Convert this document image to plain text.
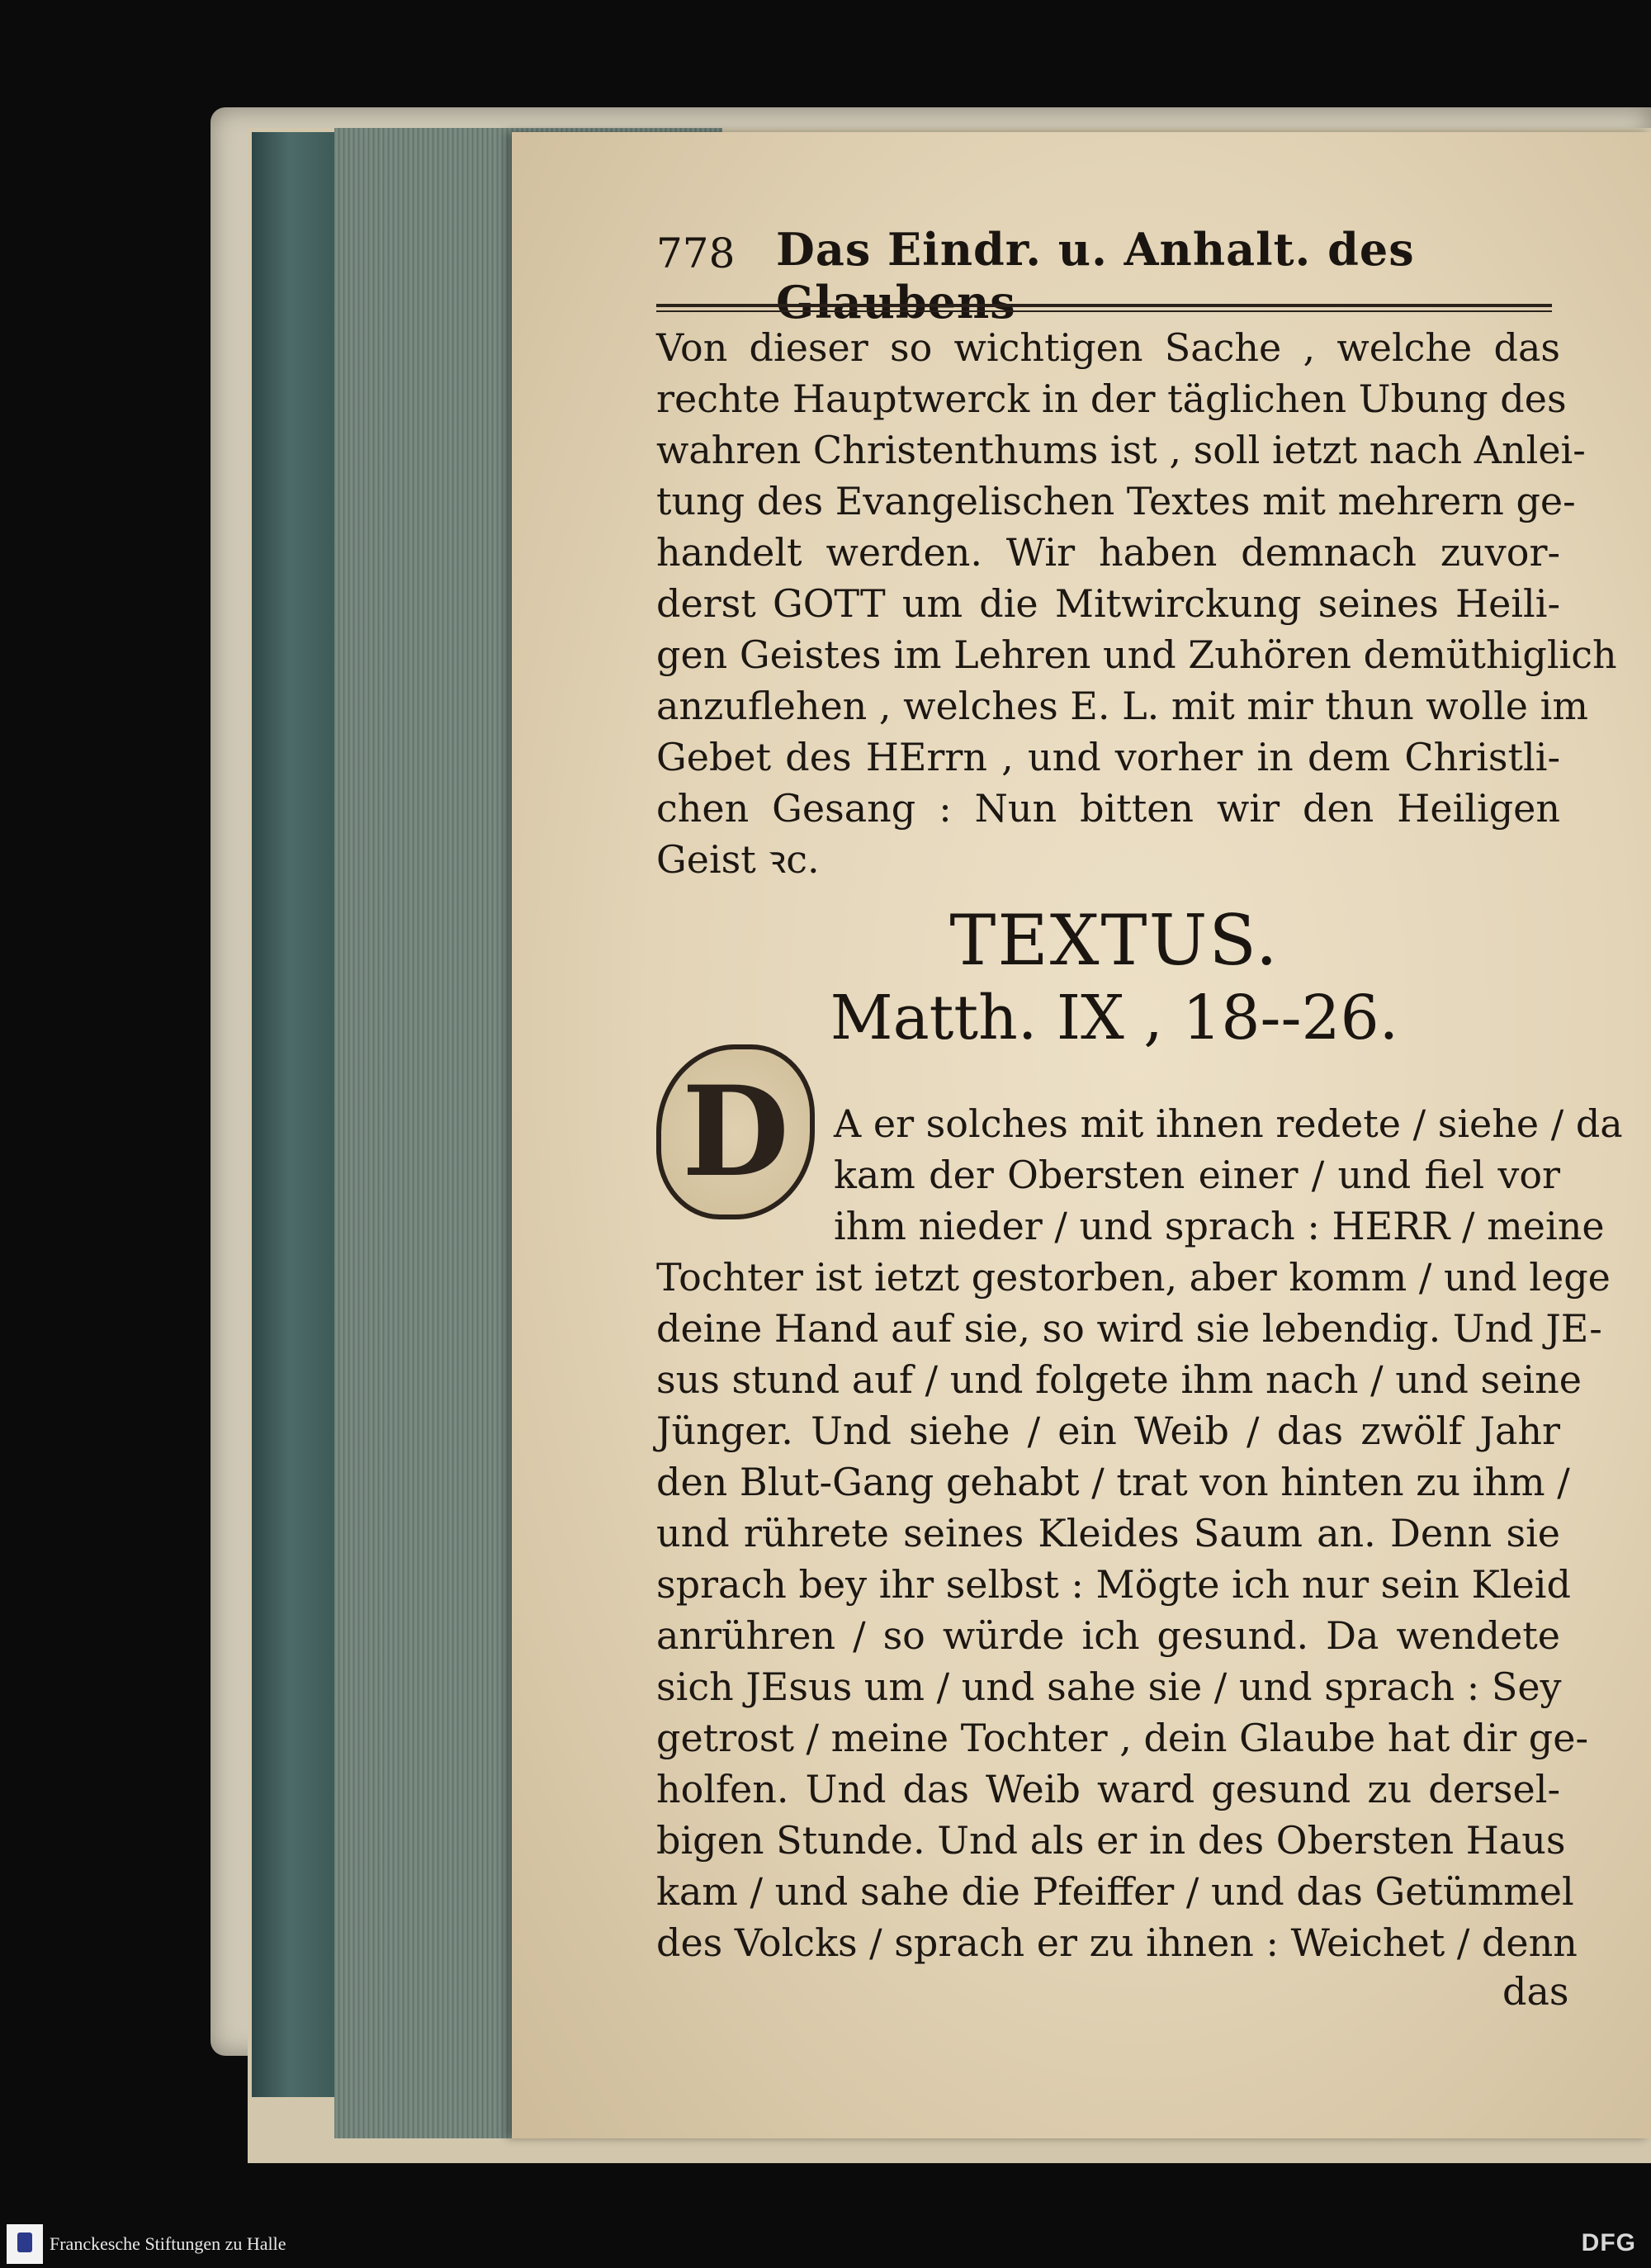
778 Das Eindr. u. Anhalt. des Glaubens
Von dieser so wichtigen Sache , welche das
rechte Hauptwerck in der täglichen Ubung des
wahren Christenthums ist , soll ietzt nach Anlei-
tung des Evangelischen Textes mit mehrern ge-
handelt werden. Wir haben demnach zuvor-
derst GOTT um die Mitwirckung seines Heili-
gen Geistes im Lehren und Zuhören demüthiglich
anzuflehen , welches E. L. mit mir thun wolle im
Gebet des HErrn , und vorher in dem Christli-
chen Gesang : Nun bitten wir den Heiligen
Geist ꝛc.
TEXTUS.
Matth. IX , 18--26.
D	A er solches mit ihnen redete / siehe / da
kam der Obersten einer / und fiel vor
ihm nieder / und sprach : HERR / meine
Tochter ist ietzt gestorben, aber komm / und lege
deine Hand auf sie, so wird sie lebendig. Und JE-
sus stund auf / und folgete ihm nach / und seine
Jünger. Und siehe / ein Weib / das zwölf Jahr
den Blut-Gang gehabt / trat von hinten zu ihm /
und rührete seines Kleides Saum an. Denn sie
sprach bey ihr selbst : Mögte ich nur sein Kleid
anrühren / so würde ich gesund. Da wendete
sich JEsus um / und sahe sie / und sprach : Sey
getrost / meine Tochter , dein Glaube hat dir ge-
holfen. Und das Weib ward gesund zu dersel-
bigen Stunde. Und als er in des Obersten Haus
kam / und sahe die Pfeiffer / und das Getümmel
des Volcks / sprach er zu ihnen : Weichet / denn
das
Franckesche Stiftungen zu Halle	DFG
